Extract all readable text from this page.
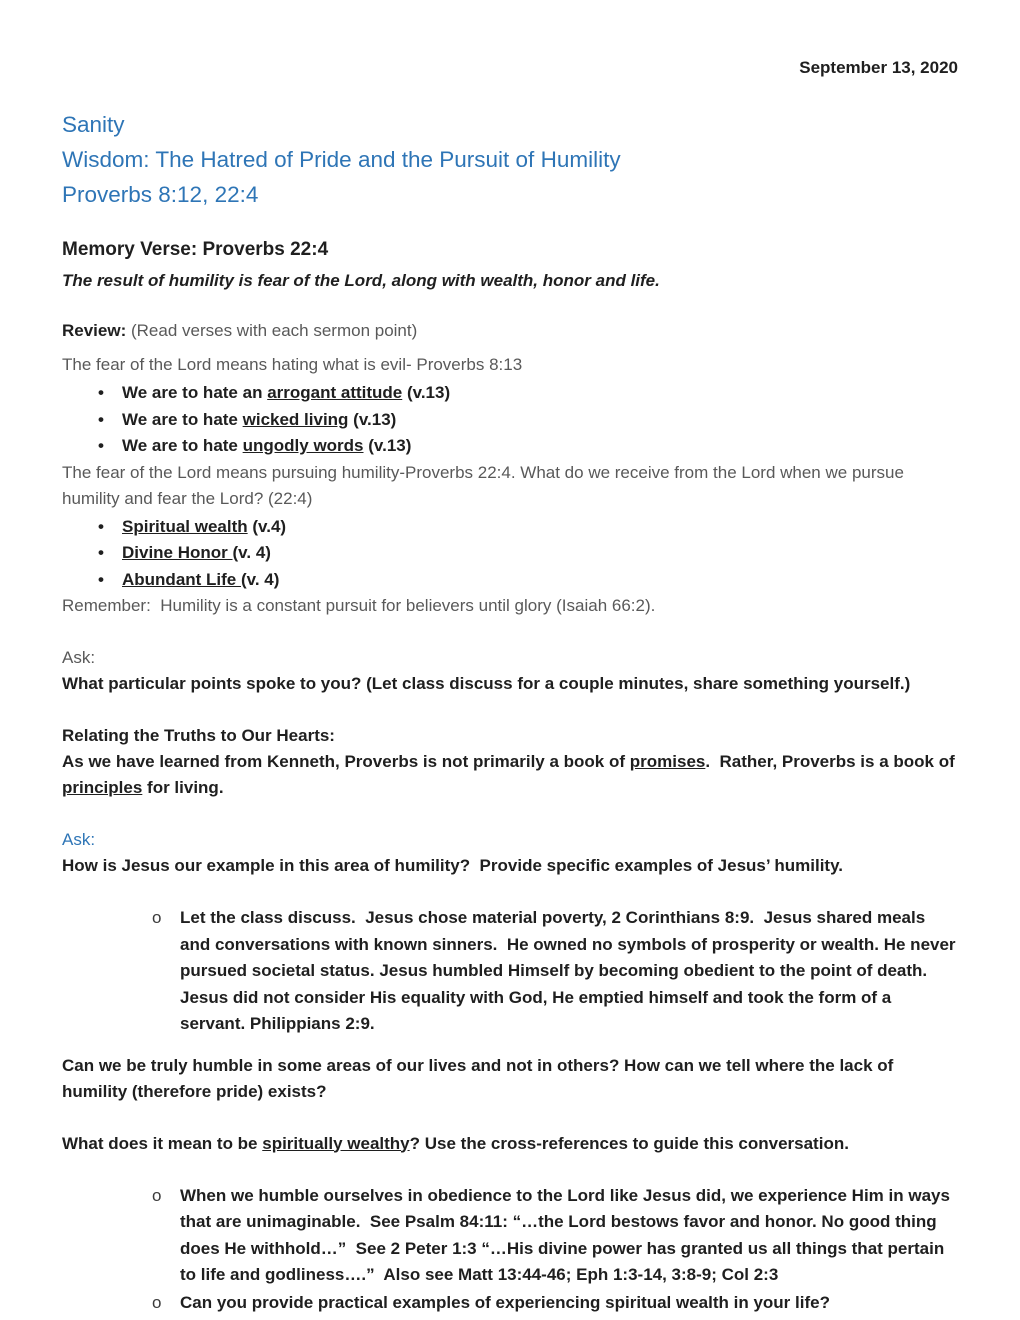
September 13, 2020

Sanity
Wisdom: The Hatred of Pride and the Pursuit of Humility
Proverbs 8:12, 22:4
Memory Verse: Proverbs 22:4

The result of humility is fear of the Lord, along with wealth, honor and life.

Review: (Read verses with each sermon point)

The fear of the Lord means hating what is evil- Proverbs 8:13

• We are to hate an arrogant attitude (v.13)
• We are to hate wicked living (v.13)
• We are to hate ungodly words (v.13)

The fear of the Lord means pursuing humility-Proverbs 22:4. What do we receive from the Lord when we pursue humility and fear the Lord? (22:4)

• Spiritual wealth (v.4)
• Divine Honor (v. 4)
• Abundant Life (v. 4)

Remember:  Humility is a constant pursuit for believers until glory (Isaiah 66:2).

Ask:

What particular points spoke to you? (Let class discuss for a couple minutes, share something yourself.)

Relating the Truths to Our Hearts:

As we have learned from Kenneth, Proverbs is not primarily a book of promises.  Rather, Proverbs is a book of principles for living.

Ask:

How is Jesus our example in this area of humility?  Provide specific examples of Jesus’ humility.

o Let the class discuss.  Jesus chose material poverty, 2 Corinthians 8:9.  Jesus shared meals and conversations with known sinners.  He owned no symbols of prosperity or wealth. He never pursued societal status. Jesus humbled Himself by becoming obedient to the point of death. Jesus did not consider His equality with God, He emptied himself and took the form of a servant. Philippians 2:9.

Can we be truly humble in some areas of our lives and not in others? How can we tell where the lack of humility (therefore pride) exists?

What does it mean to be spiritually wealthy? Use the cross-references to guide this conversation.

o When we humble ourselves in obedience to the Lord like Jesus did, we experience Him in ways that are unimaginable.  See Psalm 84:11: “…the Lord bestows favor and honor. No good thing does He withhold…”  See 2 Peter 1:3 “…His divine power has granted us all things that pertain to life and godliness….”  Also see Matt 13:44-46; Eph 1:3-14, 3:8-9; Col 2:3
o Can you provide practical examples of experiencing spiritual wealth in your life?
